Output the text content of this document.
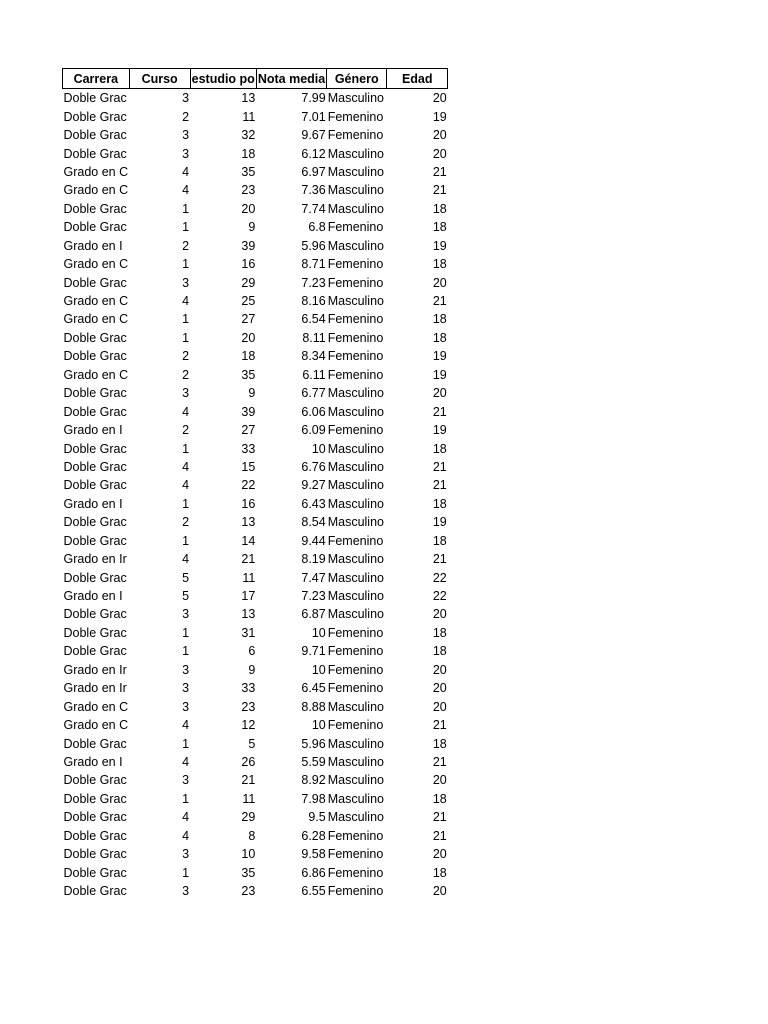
Carrera	Curso	estudio po	Nota media	Género	Edad
Doble Grac	3	13	7.99	Masculino	20
Doble Grac	2	11	7.01	Femenino	19
Doble Grac	3	32	9.67	Femenino	20
Doble Grac	3	18	6.12	Masculino	20
Grado en C	4	35	6.97	Masculino	21
Grado en C	4	23	7.36	Masculino	21
Doble Grac	1	20	7.74	Masculino	18
Doble Grac	1	9	6.8	Femenino	18
Grado en I	2	39	5.96	Masculino	19
Grado en C	1	16	8.71	Femenino	18
Doble Grac	3	29	7.23	Femenino	20
Grado en C	4	25	8.16	Masculino	21
Grado en C	1	27	6.54	Femenino	18
Doble Grac	1	20	8.11	Femenino	18
Doble Grac	2	18	8.34	Femenino	19
Grado en C	2	35	6.11	Femenino	19
Doble Grac	3	9	6.77	Masculino	20
Doble Grac	4	39	6.06	Masculino	21
Grado en I	2	27	6.09	Femenino	19
Doble Grac	1	33	10	Masculino	18
Doble Grac	4	15	6.76	Masculino	21
Doble Grac	4	22	9.27	Masculino	21
Grado en I	1	16	6.43	Masculino	18
Doble Grac	2	13	8.54	Masculino	19
Doble Grac	1	14	9.44	Femenino	18
Grado en Ir	4	21	8.19	Masculino	21
Doble Grac	5	11	7.47	Masculino	22
Grado en I	5	17	7.23	Masculino	22
Doble Grac	3	13	6.87	Masculino	20
Doble Grac	1	31	10	Femenino	18
Doble Grac	1	6	9.71	Femenino	18
Grado en Ir	3	9	10	Femenino	20
Grado en Ir	3	33	6.45	Femenino	20
Grado en C	3	23	8.88	Masculino	20
Grado en C	4	12	10	Femenino	21
Doble Grac	1	5	5.96	Masculino	18
Grado en I	4	26	5.59	Masculino	21
Doble Grac	3	21	8.92	Masculino	20
Doble Grac	1	11	7.98	Masculino	18
Doble Grac	4	29	9.5	Masculino	21
Doble Grac	4	8	6.28	Femenino	21
Doble Grac	3	10	9.58	Femenino	20
Doble Grac	1	35	6.86	Femenino	18
Doble Grac	3	23	6.55	Femenino	20
